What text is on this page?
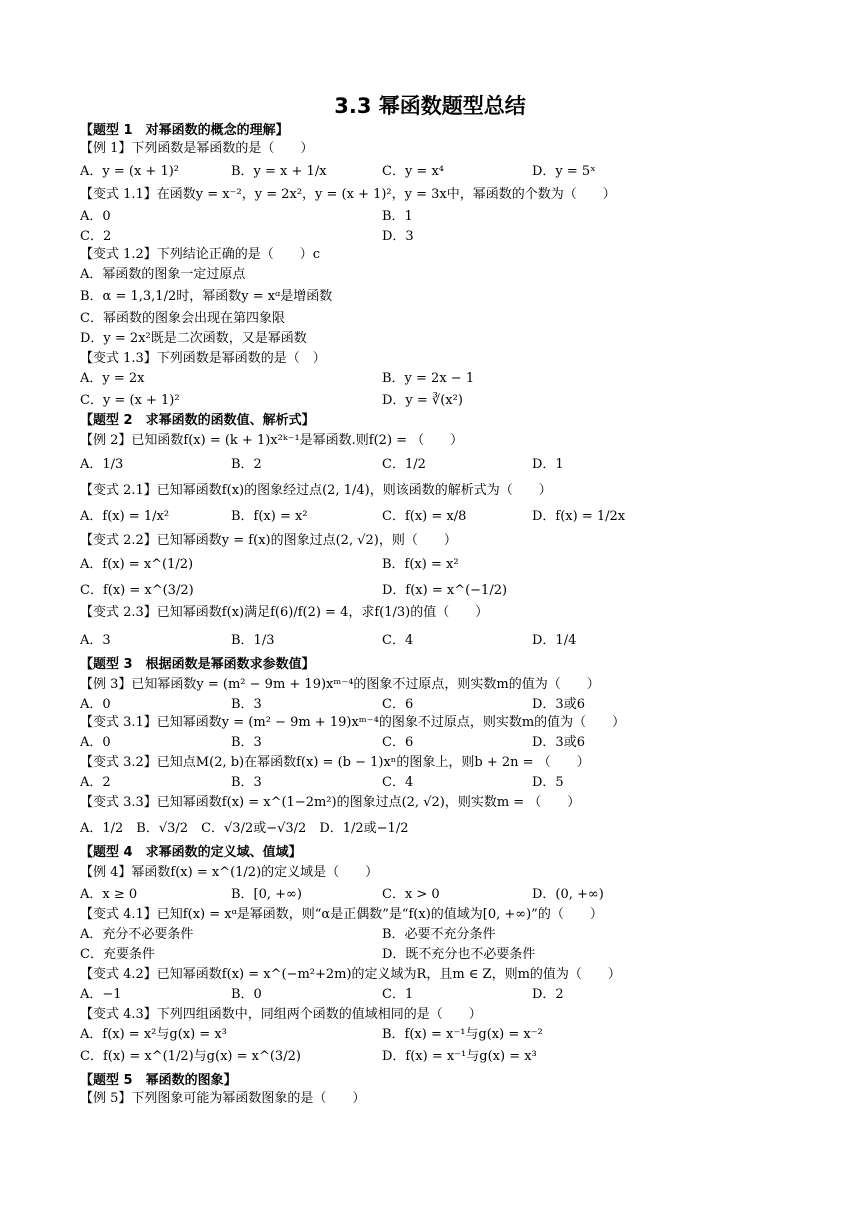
3.3 幂函数题型总结
【题型 1　对幂函数的概念的理解】
【例 1】下列函数是幂函数的是（　　）
A．y = (x + 1)²	B．y = x + 1/x	C．y = x⁴	D．y = 5ˣ
【变式 1.1】在函数y = x⁻²，y = 2x²，y = (x + 1)²，y = 3x中，幂函数的个数为（　　）
A．0	B．1
C．2	D．3
【变式 1.2】下列结论正确的是（　　）c
A．幂函数的图象一定过原点
B．α = 1,3,1/2时，幂函数y = xᵅ是增函数
C．幂函数的图象会出现在第四象限
D．y = 2x²既是二次函数，又是幂函数
【变式 1.3】下列函数是幂函数的是（　）
A．y = 2x	B．y = 2x − 1
C．y = (x + 1)²	D．y = ∛(x²)
【题型 2　求幂函数的函数值、解析式】
【例 2】已知函数f(x) = (k + 1)x²ᵏ⁻¹是幂函数.则f(2) = （　　）
A．1/3	B．2	C．1/2	D．1
【变式 2.1】已知幂函数f(x)的图象经过点(2, 1/4)，则该函数的解析式为（　　）
A．f(x) = 1/x²	B．f(x) = x²	C．f(x) = x/8	D．f(x) = 1/2x
【变式 2.2】已知幂函数y = f(x)的图象过点(2, √2)，则（　　）
A．f(x) = x^(1/2)	B．f(x) = x²
C．f(x) = x^(3/2)	D．f(x) = x^(−1/2)
【变式 2.3】已知幂函数f(x)满足f(6)/f(2) = 4，求f(1/3)的值（　　）
A．3	B．1/3	C．4	D．1/4
【题型 3　根据函数是幂函数求参数值】
【例 3】已知幂函数y = (m² − 9m + 19)xᵐ⁻⁴的图象不过原点，则实数m的值为（　　）
A．0	B．3	C．6	D．3或6
【变式 3.1】已知幂函数y = (m² − 9m + 19)xᵐ⁻⁴的图象不过原点，则实数m的值为（　　）
A．0	B．3	C．6	D．3或6
【变式 3.2】已知点M(2, b)在幂函数f(x) = (b − 1)xⁿ的图象上，则b + 2n = （　　）
A．2	B．3	C．4	D．5
【变式 3.3】已知幂函数f(x) = x^(1−2m²)的图象过点(2, √2)，则实数m = （　　）
A．1/2　B．√3/2　C．√3/2或−√3/2　D．1/2或−1/2
【题型 4　求幂函数的定义域、值域】
【例 4】幂函数f(x) = x^(1/2)的定义域是（　　）
A．x ≥ 0	B．[0, +∞)	C．x > 0	D．(0, +∞)
【变式 4.1】已知f(x) = xᵅ是幂函数，则“α是正偶数”是“f(x)的值域为[0, +∞)”的（　　）
A．充分不必要条件	B．必要不充分条件
C．充要条件	D．既不充分也不必要条件
【变式 4.2】已知幂函数f(x) = x^(−m²+2m)的定义域为R，且m ∈ Z，则m的值为（　　）
A．−1	B．0	C．1	D．2
【变式 4.3】下列四组函数中，同组两个函数的值域相同的是（　　）
A．f(x) = x²与g(x) = x³	B．f(x) = x⁻¹与g(x) = x⁻²
C．f(x) = x^(1/2)与g(x) = x^(3/2)	D．f(x) = x⁻¹与g(x) = x³
【题型 5　幂函数的图象】
【例 5】下列图象可能为幂函数图象的是（　　）
